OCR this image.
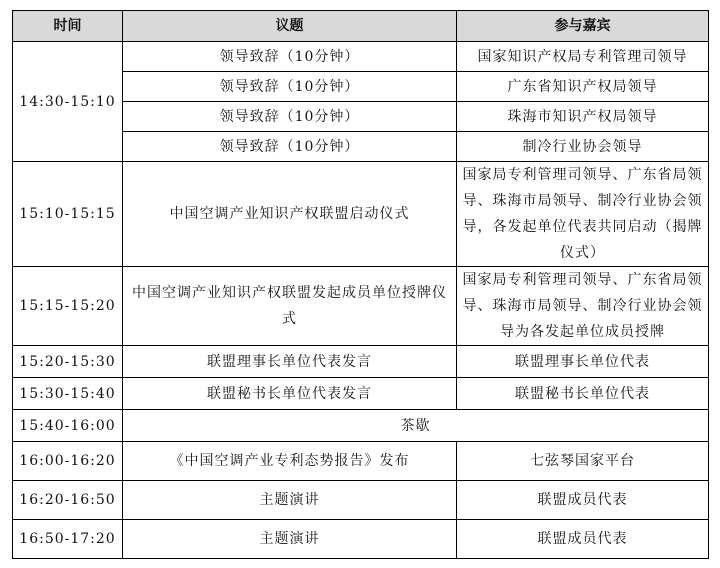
时间	议题	参与嘉宾
14:30-15:10	领导致辞（10分钟）	国家知识产权局专利管理司领导
	领导致辞（10分钟）	广东省知识产权局领导
	领导致辞（10分钟）	珠海市知识产权局领导
	领导致辞（10分钟）	制冷行业协会领导
15:10-15:15	中国空调产业知识产权联盟启动仪式	国家局专利管理司领导、广东省局领导、珠海市局领导、制冷行业协会领导，各发起单位代表共同启动（揭牌仪式）
15:15-15:20	中国空调产业知识产权联盟发起成员单位授牌仪式	国家局专利管理司领导、广东省局领导、珠海市局领导、制冷行业协会领导为各发起单位成员授牌
15:20-15:30	联盟理事长单位代表发言	联盟理事长单位代表
15:30-15:40	联盟秘书长单位代表发言	联盟秘书长单位代表
15:40-16:00	茶歇	
16:00-16:20	《中国空调产业专利态势报告》发布	七弦琴国家平台
16:20-16:50	主题演讲	联盟成员代表
16:50-17:20	主题演讲	联盟成员代表
